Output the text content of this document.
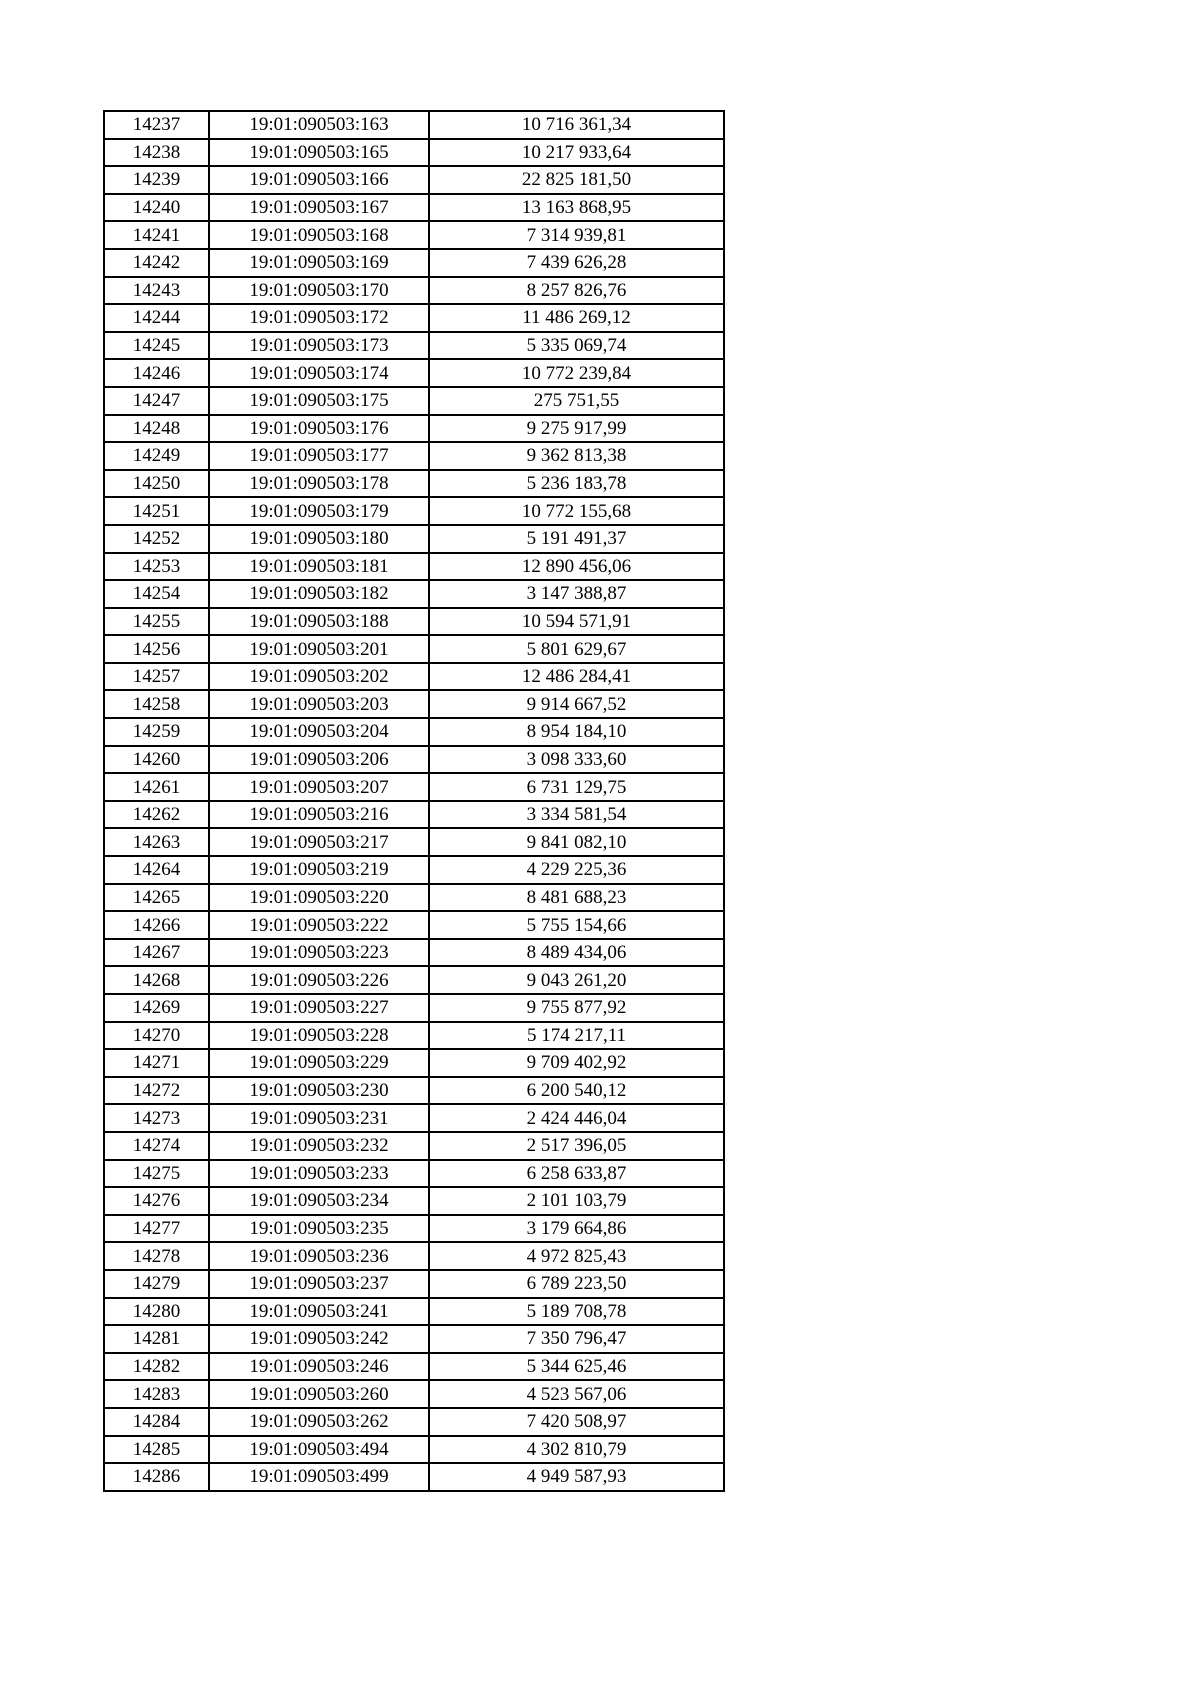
14237	19:01:090503:163	10 716 361,34
14238	19:01:090503:165	10 217 933,64
14239	19:01:090503:166	22 825 181,50
14240	19:01:090503:167	13 163 868,95
14241	19:01:090503:168	7 314 939,81
14242	19:01:090503:169	7 439 626,28
14243	19:01:090503:170	8 257 826,76
14244	19:01:090503:172	11 486 269,12
14245	19:01:090503:173	5 335 069,74
14246	19:01:090503:174	10 772 239,84
14247	19:01:090503:175	275 751,55
14248	19:01:090503:176	9 275 917,99
14249	19:01:090503:177	9 362 813,38
14250	19:01:090503:178	5 236 183,78
14251	19:01:090503:179	10 772 155,68
14252	19:01:090503:180	5 191 491,37
14253	19:01:090503:181	12 890 456,06
14254	19:01:090503:182	3 147 388,87
14255	19:01:090503:188	10 594 571,91
14256	19:01:090503:201	5 801 629,67
14257	19:01:090503:202	12 486 284,41
14258	19:01:090503:203	9 914 667,52
14259	19:01:090503:204	8 954 184,10
14260	19:01:090503:206	3 098 333,60
14261	19:01:090503:207	6 731 129,75
14262	19:01:090503:216	3 334 581,54
14263	19:01:090503:217	9 841 082,10
14264	19:01:090503:219	4 229 225,36
14265	19:01:090503:220	8 481 688,23
14266	19:01:090503:222	5 755 154,66
14267	19:01:090503:223	8 489 434,06
14268	19:01:090503:226	9 043 261,20
14269	19:01:090503:227	9 755 877,92
14270	19:01:090503:228	5 174 217,11
14271	19:01:090503:229	9 709 402,92
14272	19:01:090503:230	6 200 540,12
14273	19:01:090503:231	2 424 446,04
14274	19:01:090503:232	2 517 396,05
14275	19:01:090503:233	6 258 633,87
14276	19:01:090503:234	2 101 103,79
14277	19:01:090503:235	3 179 664,86
14278	19:01:090503:236	4 972 825,43
14279	19:01:090503:237	6 789 223,50
14280	19:01:090503:241	5 189 708,78
14281	19:01:090503:242	7 350 796,47
14282	19:01:090503:246	5 344 625,46
14283	19:01:090503:260	4 523 567,06
14284	19:01:090503:262	7 420 508,97
14285	19:01:090503:494	4 302 810,79
14286	19:01:090503:499	4 949 587,93
